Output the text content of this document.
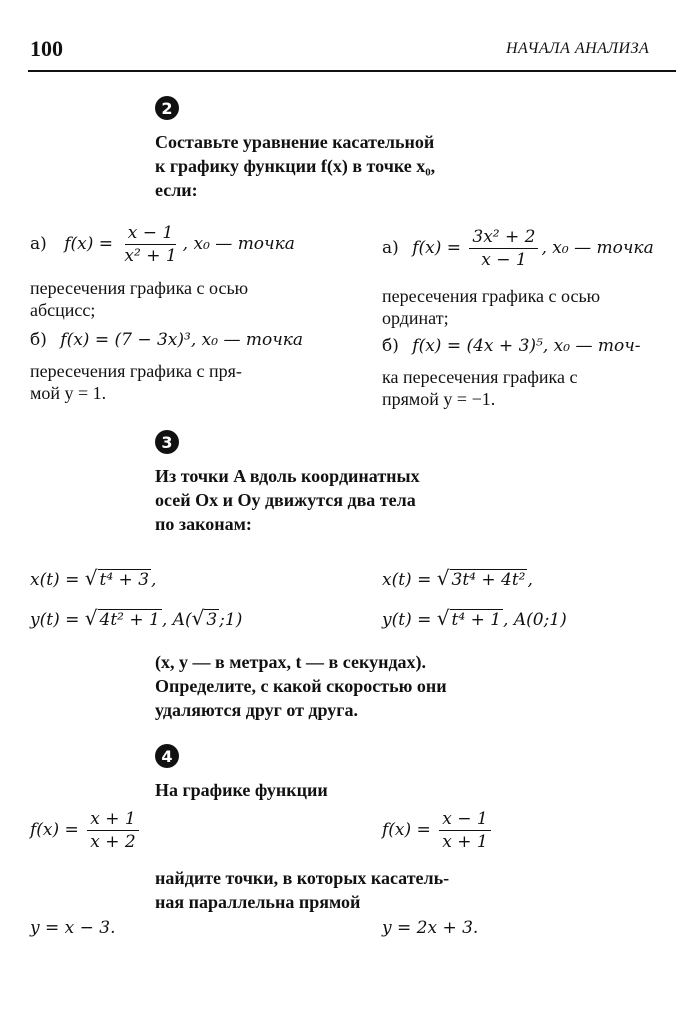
100	НАЧАЛА АНАЛИЗА
2
Составьте уравнение касательной
к графику функции f(x) в точке x₀,
если:
а) $f(x) = \frac{x - 1}{\text{x² + 1}}$ , x₀ — точка
пересечения графика с осью
абсцисс;
б) f(x) = (7 − 3x)³, x₀ — точка
пересечения графика с пря-
мой y = 1.
а) $f(x) = \frac{\text{3x² + 2}}{x - 1}$ , x₀ — точка
пересечения графика с осью
ординат;
б) f(x) = (4x + 3)⁵, x₀ — точ-
ка пересечения графика с
прямой y = −1.
3
Из точки A вдоль координатных
осей Ox и Oy движутся два тела
по законам:
x(t) = √ t⁴ + 3 ,
y(t) = √ 4t² + 1 , A(√ 3 ;1)
x(t) = √ 3t⁴ + 4t² ,
y(t) = √ t⁴ + 1 , A(0;1)
(x, y — в метрах, t — в секундах).
Определите, с какой скоростью они
удаляются друг от друга.
4
На графике функции
$f(x) = \frac{x + 1}{x + 2}$	$f(x) = \frac{x - 1}{x + 1}$
найдите точки, в которых касатель-
ная параллельна прямой
y = x − 3.	y = 2x + 3.
